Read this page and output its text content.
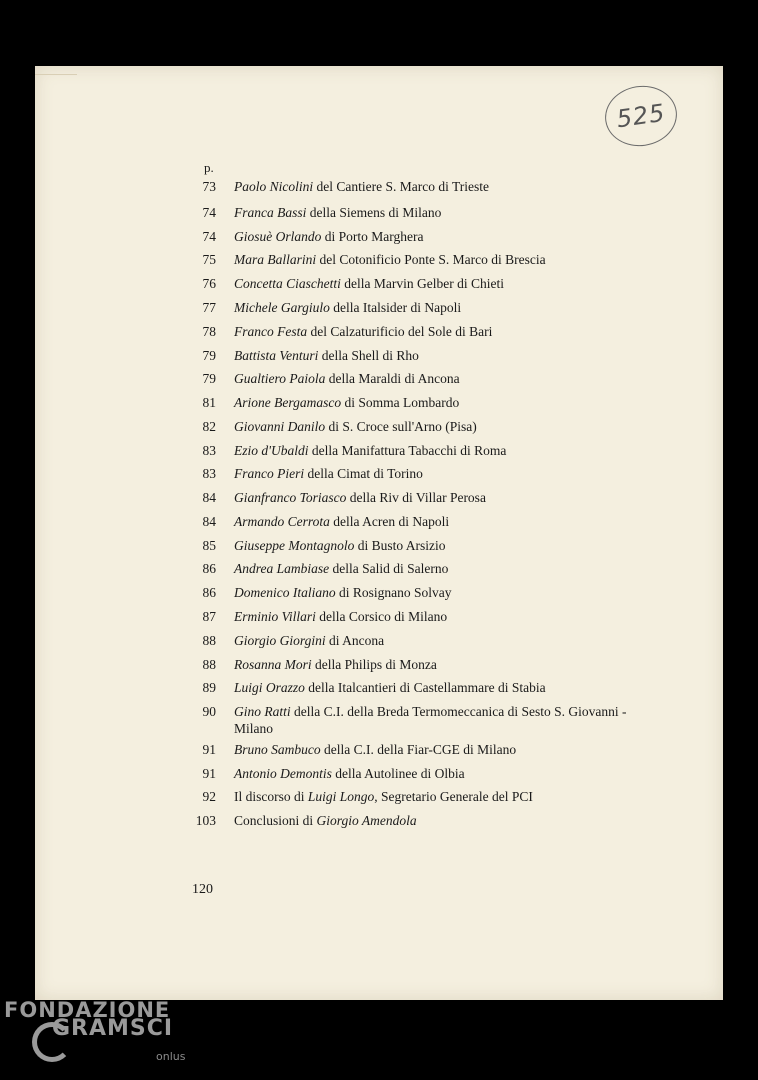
525
p.
73 Paolo Nicolini del Cantiere S. Marco di Trieste
74 Franca Bassi della Siemens di Milano
74 Giosuè Orlando di Porto Marghera
75 Mara Ballarini del Cotonificio Ponte S. Marco di Brescia
76 Concetta Ciaschetti della Marvin Gelber di Chieti
77 Michele Gargiulo della Italsider di Napoli
78 Franco Festa del Calzaturificio del Sole di Bari
79 Battista Venturi della Shell di Rho
79 Gualtiero Paiola della Maraldi di Ancona
81 Arione Bergamasco di Somma Lombardo
82 Giovanni Danilo di S. Croce sull'Arno (Pisa)
83 Ezio d'Ubaldi della Manifattura Tabacchi di Roma
83 Franco Pieri della Cimat di Torino
84 Gianfranco Toriasco della Riv di Villar Perosa
84 Armando Cerrota della Acren di Napoli
85 Giuseppe Montagnolo di Busto Arsizio
86 Andrea Lambiase della Salid di Salerno
86 Domenico Italiano di Rosignano Solvay
87 Erminio Villari della Corsico di Milano
88 Giorgio Giorgini di Ancona
88 Rosanna Mori della Philips di Monza
89 Luigi Orazzo della Italcantieri di Castellammare di Stabia
90 Gino Ratti della C.I. della Breda Termomeccanica di Sesto S. Giovanni -
Milano
91 Bruno Sambuco della C.I. della Fiar-CGE di Milano
91 Antonio Demontis della Autolinee di Olbia
92 Il discorso di Luigi Longo, Segretario Generale del PCI
103 Conclusioni di Giorgio Amendola
120
FONDAZIONE
GRAMSCI
onlus
